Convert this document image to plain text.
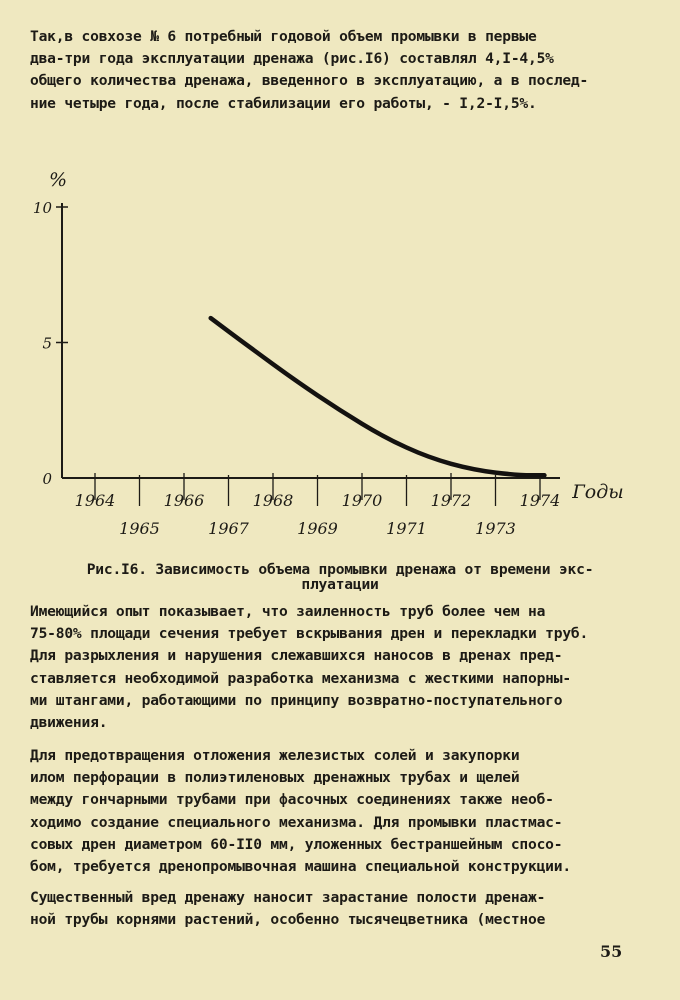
Так,в совхозе № 6 потребный годовой объем промывки в первые
два-три года эксплуатации дренажа (рис.I6) составлял 4,I-4,5%
общего количества дренажа, введенного в эксплуатацию, а в послед-
ние четыре года, после стабилизации его работы, - I,2-I,5%.
0
5
10
%
1964
1965
1966
1967
1968
1969
1970
1971
1972
1973
1974 Годы
Рис.I6. Зависимость объема промывки дренажа от времени экс-
плуатации
Имеющийся опыт показывает, что заиленность труб более чем на
75-80% площади сечения требует вскрывания дрен и перекладки труб.
Для разрыхления и нарушения слежавшихся наносов в дренах пред-
ставляется необходимой разработка механизма с жесткими напорны-
ми штангами, работающими по принципу возвратно-поступательного
движения.
Для предотвращения отложения железистых солей и закупорки
илом перфорации в полиэтиленовых дренажных трубах и щелей
между гончарными трубами при фасочных соединениях также необ-
ходимо создание специального механизма. Для промывки пластмас-
совых дрен диаметром 60-II0 мм, уложенных бестраншейным спосо-
бом, требуется дренопромывочная машина специальной конструкции.
Существенный вред дренажу наносит зарастание полости дренаж-
ной трубы корнями растений, особенно тысячецветника (местное
55
